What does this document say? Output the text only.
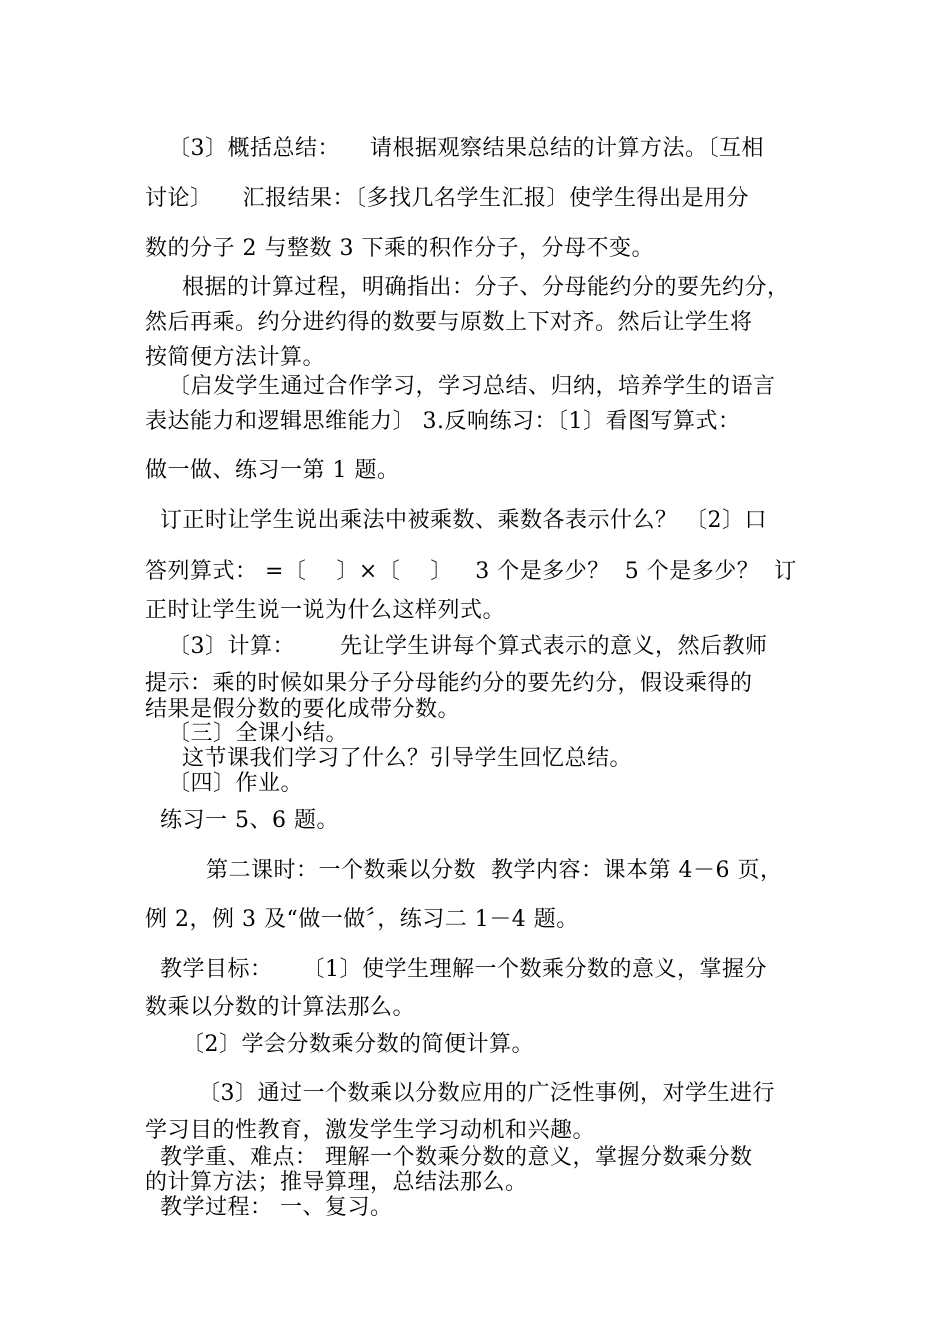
〔3〕概括总结：    请根据观察结果总结的计算方法。〔互相
讨论〕    汇报结果：〔多找几名学生汇报〕使学生得出是用分
数的分子 2 与整数 3 下乘的积作分子，分母不变。
根据的计算过程，明确指出：分子、分母能约分的要先约分，
然后再乘。约分进约得的数要与原数上下对齐。然后让学生将
按简便方法计算。
〔启发学生通过合作学习，学习总结、归纳，培养学生的语言
表达能力和逻辑思维能力〕 3.反响练习：〔1〕看图写算式：
做一做、练习一第 1 题。
订正时让学生说出乘法中被乘数、乘数各表示什么？ 〔2〕口
答列算式： =〔    〕×〔    〕   3 个是多少？  5 个是多少？  订
正时让学生说一说为什么这样列式。
〔3〕计算：      先让学生讲每个算式表示的意义，然后教师
提示：乘的时候如果分子分母能约分的要先约分，假设乘得的
结果是假分数的要化成带分数。
〔三〕全课小结。
这节课我们学习了什么？引导学生回忆总结。
〔四〕作业。
练习一 5、6 题。
第二课时：一个数乘以分数  教学内容：课本第 4－6 页，
例 2，例 3 及“做一做〞，练习二 1－4 题。
教学目标：    〔1〕使学生理解一个数乘分数的意义，掌握分
数乘以分数的计算法那么。
〔2〕学会分数乘分数的简便计算。
〔3〕通过一个数乘以分数应用的广泛性事例，对学生进行
学习目的性教育，激发学生学习动机和兴趣。
教学重、难点： 理解一个数乘分数的意义，掌握分数乘分数
的计算方法；推导算理，总结法那么。
教学过程： 一、复习。
